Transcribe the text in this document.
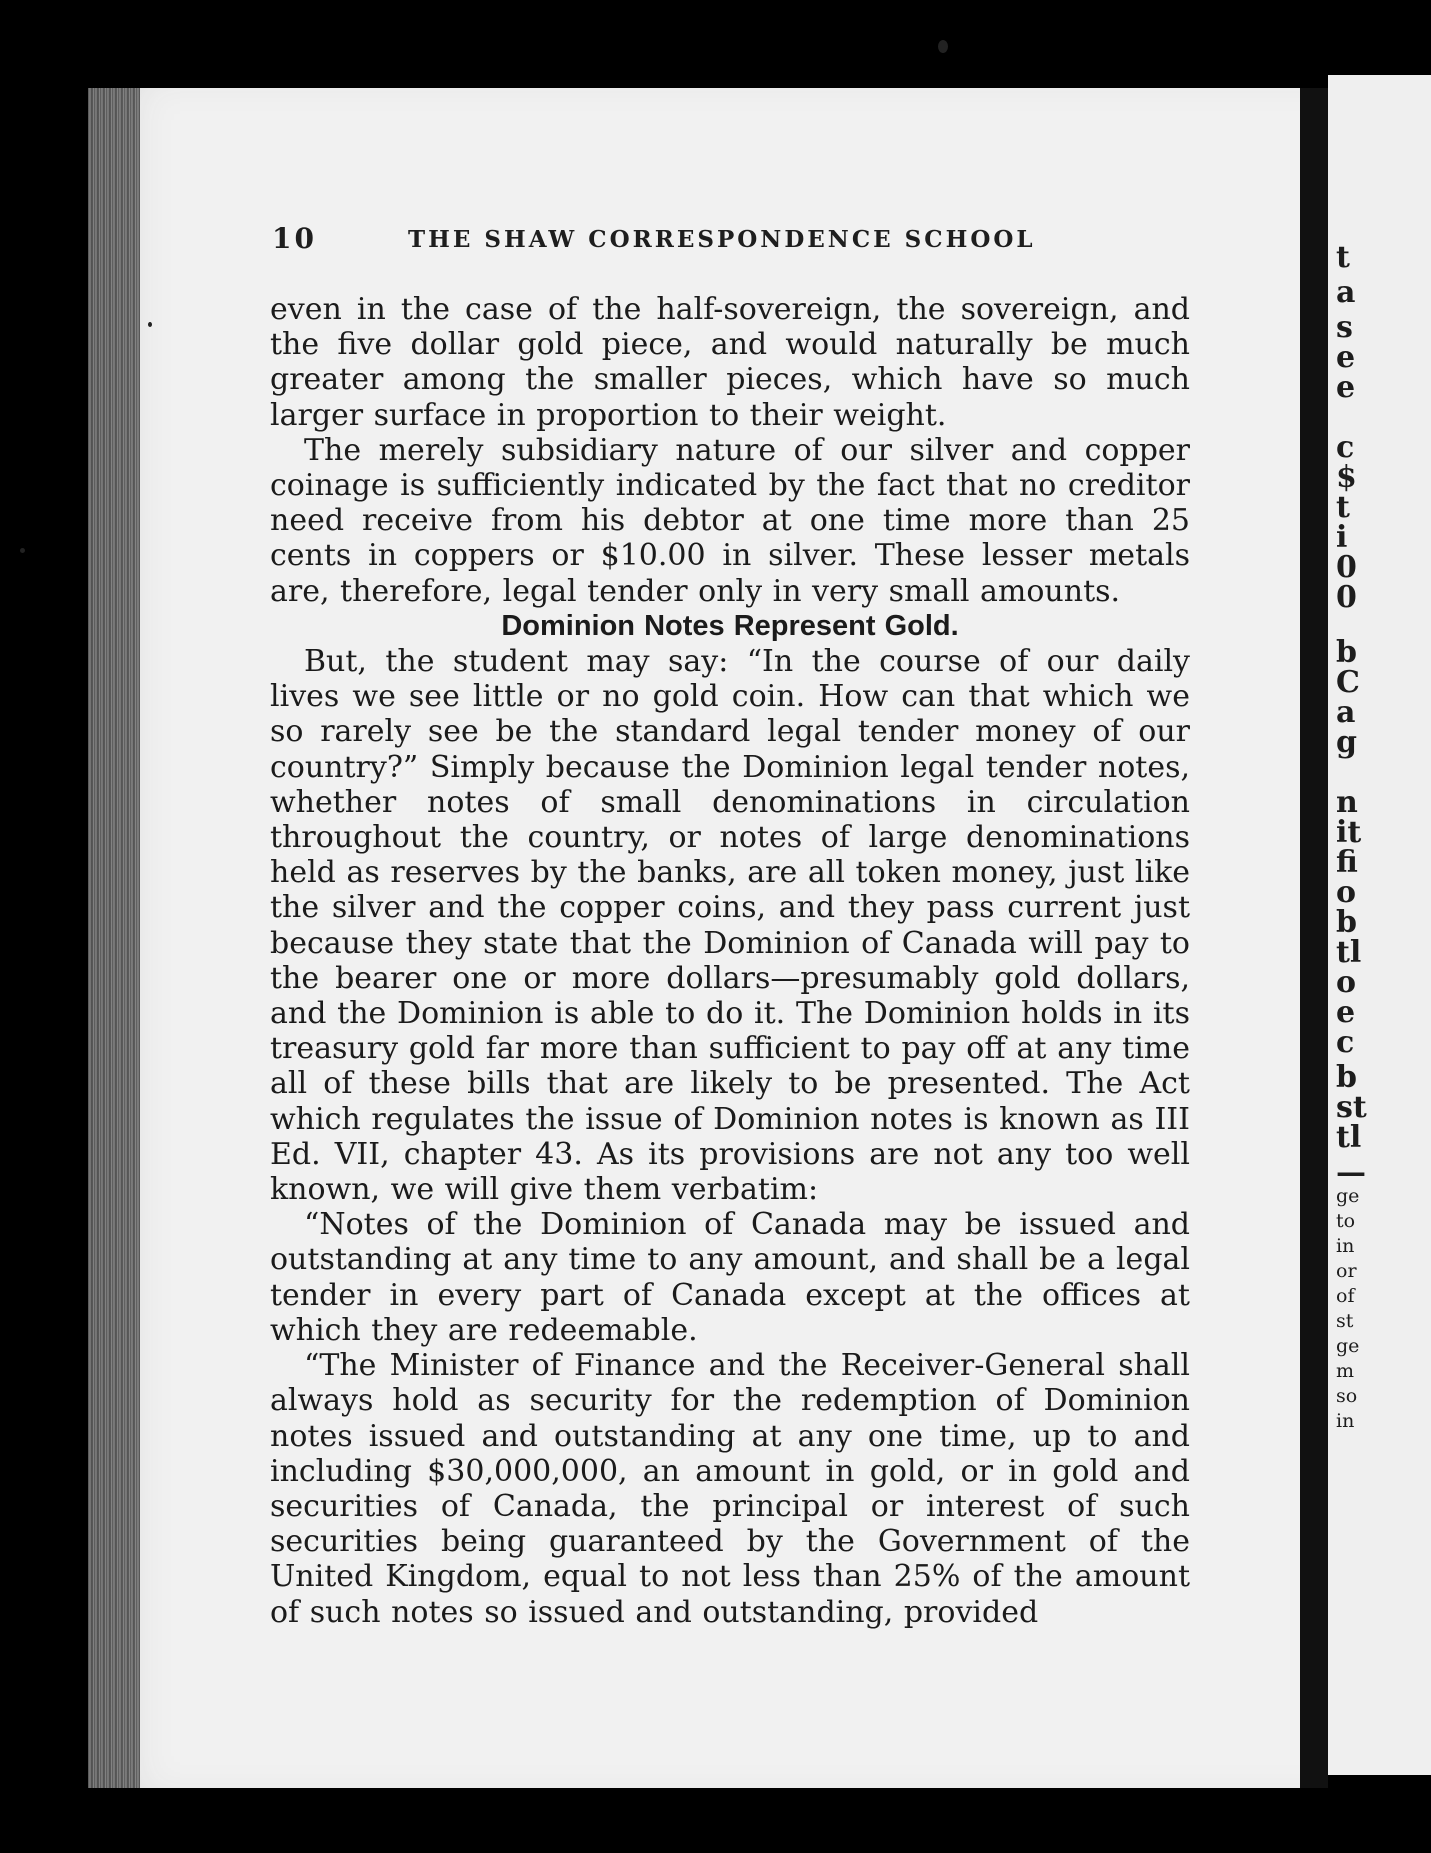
t
a
s
e
e
c
$
t
i
0
0
b
C
a
g
n
it
fi
o
b
tl
o
e
c
b
st
tl
—
ge
to
in
or
of
st
ge
m
so
in
10	THE SHAW CORRESPONDENCE SCHOOL

even in the case of the half-sovereign, the sovereign, and the five dollar gold piece, and would naturally be much greater among the smaller pieces, which have so much larger surface in proportion to their weight.

The merely subsidiary nature of our silver and copper coinage is sufficiently indicated by the fact that no creditor need receive from his debtor at one time more than 25 cents in coppers or $10.00 in silver. These lesser metals are, therefore, legal tender only in very small amounts.

Dominion Notes Represent Gold.

But, the student may say: “In the course of our daily lives we see little or no gold coin. How can that which we so rarely see be the standard legal tender money of our country?” Simply because the Dominion legal tender notes, whether notes of small denominations in circulation throughout the country, or notes of large denominations held as reserves by the banks, are all token money, just like the silver and the copper coins, and they pass current just because they state that the Dominion of Canada will pay to the bearer one or more dollars—presumably gold dollars, and the Dominion is able to do it. The Dominion holds in its treasury gold far more than sufficient to pay off at any time all of these bills that are likely to be presented. The Act which regulates the issue of Dominion notes is known as III Ed. VII, chapter 43. As its provisions are not any too well known, we will give them verbatim:

“Notes of the Dominion of Canada may be issued and outstanding at any time to any amount, and shall be a legal tender in every part of Canada except at the offices at which they are redeemable.

“The Minister of Finance and the Receiver-General shall always hold as security for the redemption of Dominion notes issued and outstanding at any one time, up to and including $30,000,000, an amount in gold, or in gold and securities of Canada, the principal or interest of such securities being guaranteed by the Government of the United Kingdom, equal to not less than 25% of the amount of such notes so issued and outstanding, provided
